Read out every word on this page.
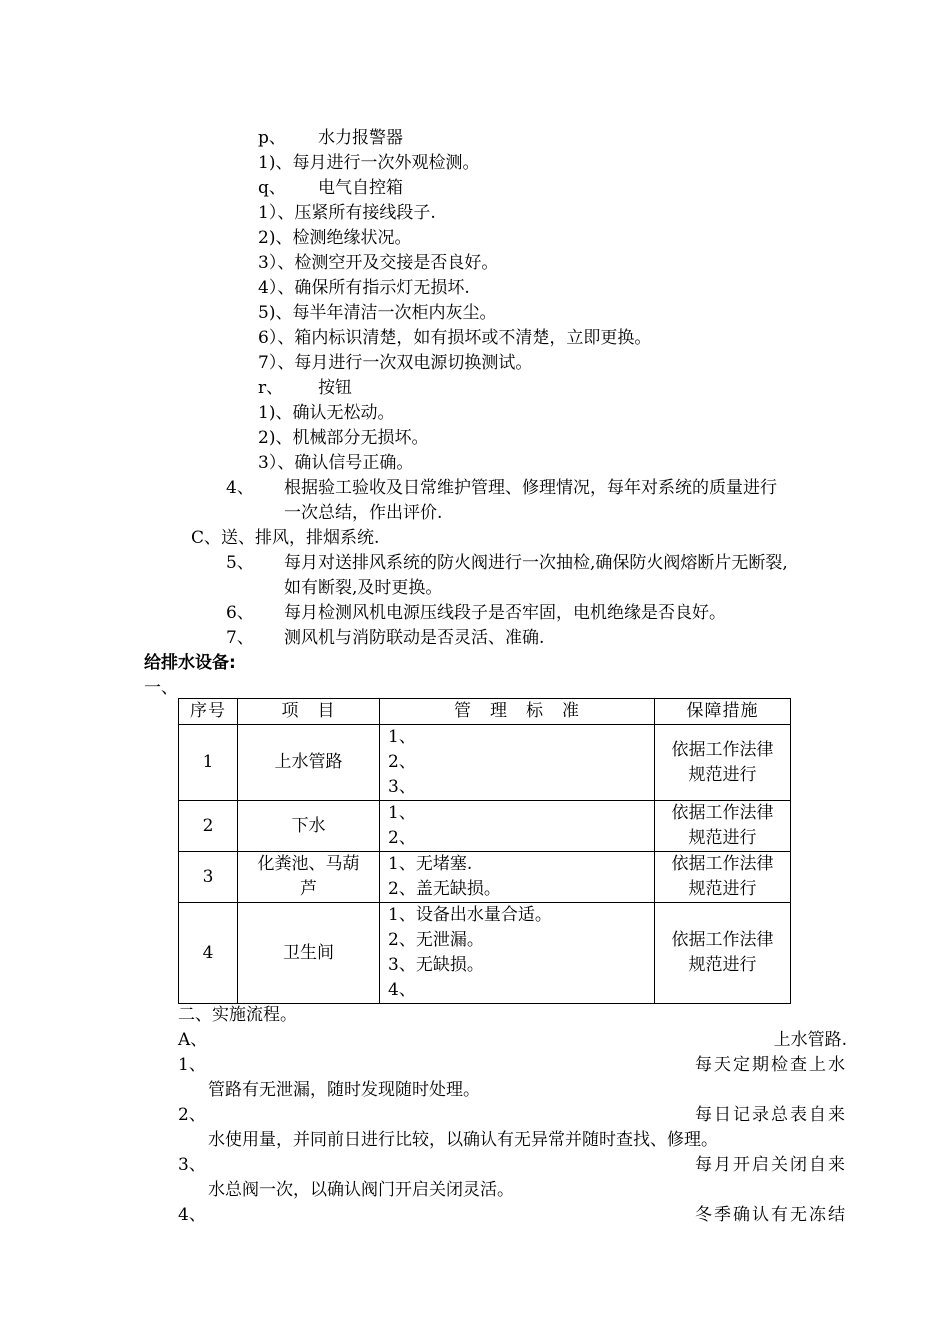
p、 水力报警器
1)、每月进行一次外观检测。
q、 电气自控箱
1）、压紧所有接线段子.
2)、检测绝缘状况。
3）、检测空开及交接是否良好。
4）、确保所有指示灯无损坏.
5)、每半年清洁一次柜内灰尘。
6）、箱内标识清楚，如有损坏或不清楚，立即更换。
7）、每月进行一次双电源切换测试。
r、 按钮
1)、确认无松动。
2)、机械部分无损坏。
3）、确认信号正确。
4、 根据验工验收及日常维护管理、修理情况，每年对系统的质量进行
一次总结，作出评价.
C、送、排风，排烟系统.
5、 每月对送排风系统的防火阀进行一次抽检,确保防火阀熔断片无断裂,
如有断裂,及时更换。
6、 每月检测风机电源压线段子是否牢固，电机绝缘是否良好。
7、 测风机与消防联动是否灵活、准确.
给排水设备:
一、
序号	项　目	管　理　标　准	保障措施
1	上水管路	1、
2、
3、	依据工作法律
规范进行

2	下水	1、
2、	依据工作法律
规范进行

3	化粪池、马葫
芦	1、无堵塞.
2、盖无缺损。	依据工作法律
规范进行

4	卫生间	1、设备出水量合适。
2、无泄漏。
3、无缺损。
4、	依据工作法律
规范进行
二、实施流程。
A、	上水管路.
1、	每天定期检查上水
管路有无泄漏，随时发现随时处理。
2、	每日记录总表自来
水使用量，并同前日进行比较，以确认有无异常并随时查找、修理。
3、	每月开启关闭自来
水总阀一次，以确认阀门开启关闭灵活。
4、	冬季确认有无冻结
